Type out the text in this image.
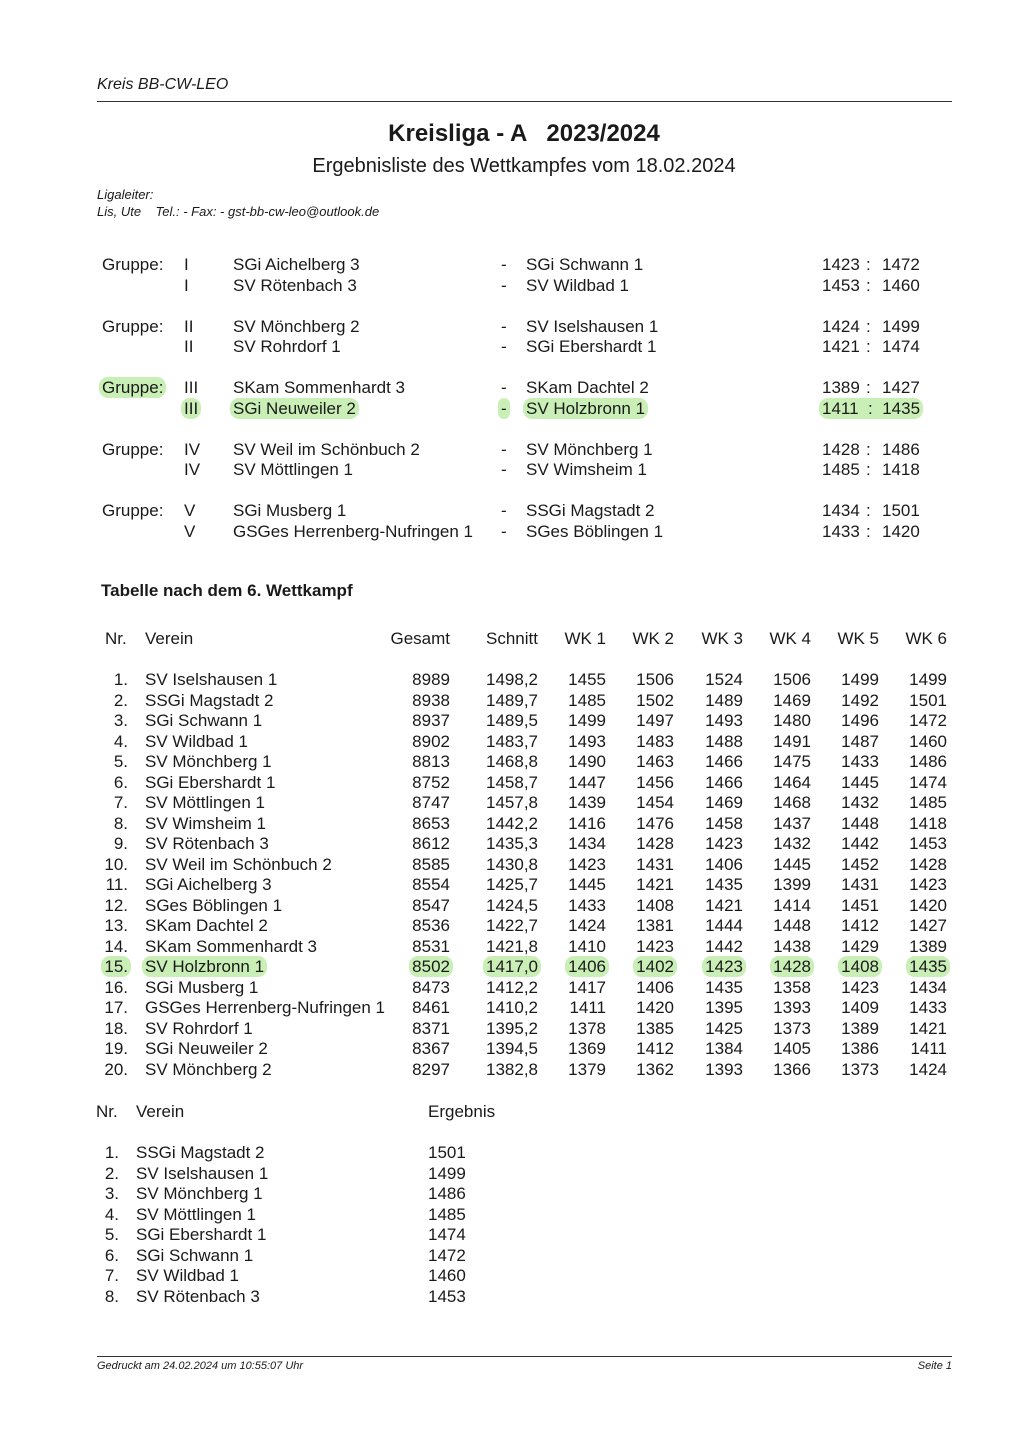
Kreis BB-CW-LEO
Kreisliga - A   2023/2024
Ergebnisliste des Wettkampfes vom 18.02.2024
Ligaleiter:
Lis, Ute    Tel.: - Fax: - gst-bb-cw-leo@outlook.de
Gruppe: I	SGi Aichelberg 3	- SGi Schwann 1	1423 : 1472
I	SV Rötenbach 3	- SV Wildbad 1	1453 : 1460
Gruppe: II SV Mönchberg 2	- SV Iselshausen 1	1424 : 1499
II SV Rohrdorf 1	- SGi Ebershardt 1	1421 : 1474
Gruppe: III SKam Sommenhardt 3	- SKam Dachtel 2	1389 : 1427
III SGi Neuweiler 2	- SV Holzbronn 1	1411 : 1435
Gruppe: IV SV Weil im Schönbuch 2	- SV Mönchberg 1	1428 : 1486
IV SV Möttlingen 1	- SV Wimsheim 1	1485 : 1418
Gruppe: V SGi Musberg 1	- SSGi Magstadt 2	1434 : 1501
V GSGes Herrenberg-Nufringen 1 - SGes Böblingen 1	1433 : 1420
Tabelle nach dem 6. Wettkampf
Nr. Verein	Gesamt	Schnitt	WK 1	WK 2	WK 3	WK 4	WK 5	WK 6
1. SV Iselshausen 1	8989	1498,2	1455	1506	1524	1506	1499	1499
2. SSGi Magstadt 2	8938	1489,7	1485	1502	1489	1469	1492	1501
3. SGi Schwann 1	8937	1489,5	1499	1497	1493	1480	1496	1472
4. SV Wildbad 1	8902	1483,7	1493	1483	1488	1491	1487	1460
5. SV Mönchberg 1	8813	1468,8	1490	1463	1466	1475	1433	1486
6. SGi Ebershardt 1	8752	1458,7	1447	1456	1466	1464	1445	1474
7. SV Möttlingen 1	8747	1457,8	1439	1454	1469	1468	1432	1485
8. SV Wimsheim 1	8653	1442,2	1416	1476	1458	1437	1448	1418
9. SV Rötenbach 3	8612	1435,3	1434	1428	1423	1432	1442	1453
10. SV Weil im Schönbuch 2	8585	1430,8	1423	1431	1406	1445	1452	1428
11. SGi Aichelberg 3	8554	1425,7	1445	1421	1435	1399	1431	1423
12. SGes Böblingen 1	8547	1424,5	1433	1408	1421	1414	1451	1420
13. SKam Dachtel 2	8536	1422,7	1424	1381	1444	1448	1412	1427
14. SKam Sommenhardt 3	8531	1421,8	1410	1423	1442	1438	1429	1389
15. SV Holzbronn 1	8502 1417,0 1406 1402 1423 1428 1408 1435
16. SGi Musberg 1	8473	1412,2	1417	1406	1435	1358	1423	1434
17. GSGes Herrenberg-Nufringen 1	8461	1410,2	1411	1420	1395	1393	1409	1433
18. SV Rohrdorf 1	8371	1395,2	1378	1385	1425	1373	1389	1421
19. SGi Neuweiler 2	8367	1394,5	1369	1412	1384	1405	1386	1411
20. SV Mönchberg 2	8297	1382,8	1379	1362	1393	1366	1373	1424
Nr. Verein	Ergebnis
1. SSGi Magstadt 2	1501
2. SV Iselshausen 1	1499
3. SV Mönchberg 1	1486
4. SV Möttlingen 1	1485
5. SGi Ebershardt 1	1474
6. SGi Schwann 1	1472
7. SV Wildbad 1	1460
8. SV Rötenbach 3	1453
Gedruckt am 24.02.2024 um 10:55:07 Uhr	Seite 1
